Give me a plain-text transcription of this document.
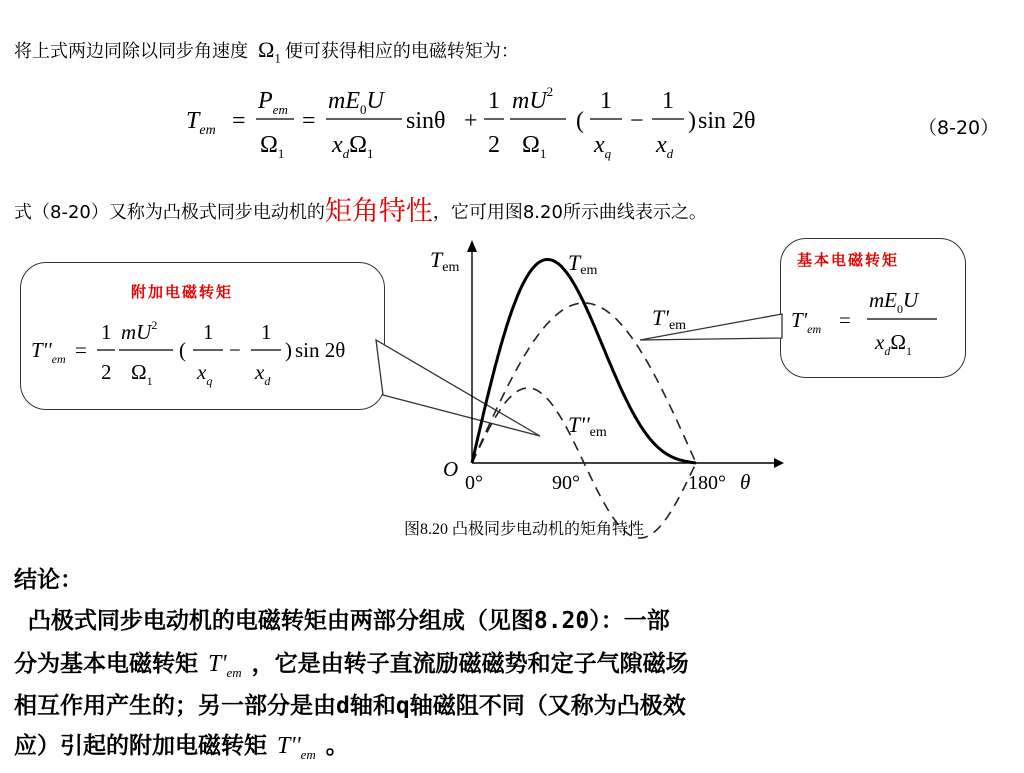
将上式两边同除以同步角速度 $\Omega_1$ 便可获得相应的电磁转矩为：
$T_{em}$ =
$P_{em}$
$\Omega_1$
=
$mE_0U$
$x_d\Omega_1$
sinθ +
1
2
$mU^2$
$\Omega_1$
(
1
$x_q$
−
1
$x_d$
) sin 2θ	（8-20）
式（8-20）又称为凸极式同步电动机的矩角特性，它可用图8.20所示曲线表示之。
附加电磁转矩
$T''_{em}$ =
1
2
$mU^2$
$\Omega_1$
(
1
$x_q$
−
1
$x_d$
) sin 2θ
基本电磁转矩
$T'_{em}$ =
$mE_0U$
$x_d\Omega_1$
Tem	Tem
T'em
T''em
O
0°	90°	180° θ
图8.20 凸极同步电动机的矩角特性
结论：
凸极式同步电动机的电磁转矩由两部分组成（见图8.20）：一部
分为基本电磁转矩 $T'_{em}$ ，它是由转子直流励磁磁势和定子气隙磁场
相互作用产生的；另一部分是由d轴和q轴磁阻不同（又称为凸极效
应）引起的附加电磁转矩 $T''_{em}$ 。
